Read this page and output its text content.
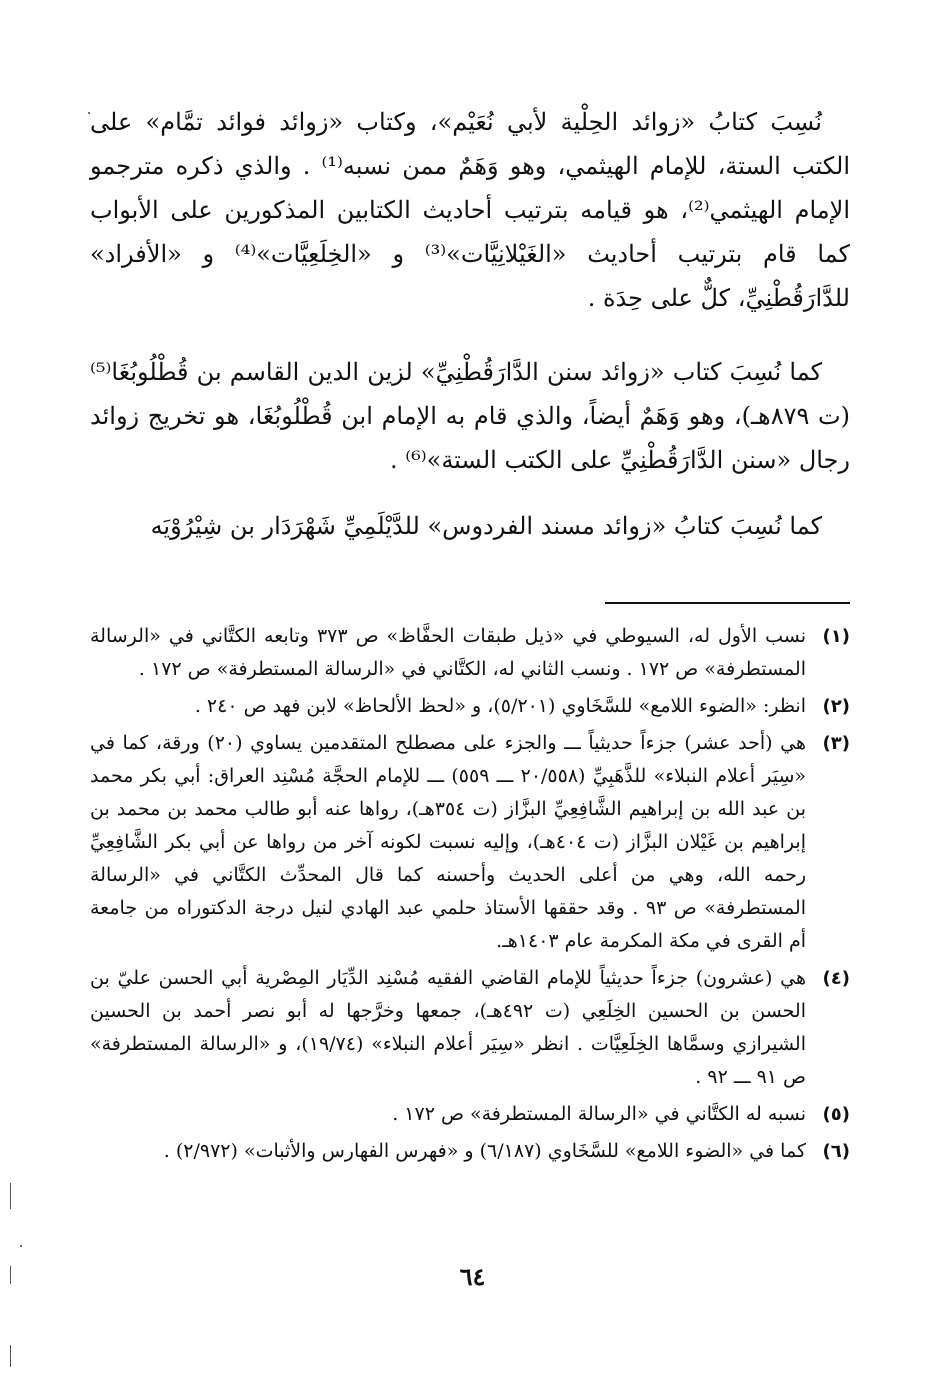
نُسِبَ كتابُ «زوائد الحِلْية لأبي نُعَيْم»، وكتاب «زوائد فوائد تمَّام» على الكتب الستة، للإمام الهيثمي، وهو وَهَمٌ ممن نسبه⁽¹⁾ . والذي ذكره مترجمو الإمام الهيثمي⁽²⁾، هو قيامه بترتيب أحاديث الكتابين المذكورين على الأبواب كما قام بترتيب أحاديث «الغَيْلانِيَّات»⁽³⁾ و «الخِلَعِيَّات»⁽⁴⁾ و «الأفراد» للدَّارَقُطْنِيِّ، كلٌّ على حِدَة .

كما نُسِبَ كتاب «زوائد سنن الدَّارَقُطْنِيِّ» لزين الدين القاسم بن قُطْلُوبُغَا⁽⁵⁾ (ت ٨٧٩هـ)، وهو وَهَمٌ أيضاً، والذي قام به الإمام ابن قُطْلُوبُغَا، هو تخريج زوائد رجال «سنن الدَّارَقُطْنِيِّ على الكتب الستة»⁽⁶⁾ .

كما نُسِبَ كتابُ «زوائد مسند الفردوس» للدَّيْلَمِيِّ شَهْرَدَار بن شِيْرُوْيَه

(١)
نسب الأول له، السيوطي في «ذيل طبقات الحفَّاظ» ص ٣٧٣ وتابعه الكتَّاني في «الرسالة المستطرفة» ص ١٧٢ . ونسب الثاني له، الكتَّاني في «الرسالة المستطرفة» ص ١٧٢ .
(٢)
انظر: «الضوء اللامع» للسَّخَاوي (٥/٢٠١)، و «لحظ الألحاظ» لابن فهد ص ٢٤٠ .
(٣)
هي (أحد عشر) جزءاً حديثياً ـــ والجزء على مصطلح المتقدمين يساوي (٢٠) ورقة، كما في «سِيَر أعلام النبلاء» للذَّهَبِيِّ (٢٠/٥٥٨ ـــ ٥٥٩) ـــ للإمام الحجَّة مُسْنِد العراق: أبي بكر محمد بن عبد الله بن إبراهيم الشَّافِعِيِّ البزَّاز (ت ٣٥٤هـ)، رواها عنه أبو طالب محمد بن محمد بن إبراهيم بن غَيْلان البزَّاز (ت ٤٠٤هـ)، وإليه نسبت لكونه آخر من رواها عن أبي بكر الشَّافِعِيِّ رحمه الله، وهي من أعلى الحديث وأحسنه كما قال المحدِّث الكتَّاني في «الرسالة المستطرفة» ص ٩٣ . وقد حققها الأستاذ حلمي عبد الهادي لنيل درجة الدكتوراه من جامعة أم القرى في مكة المكرمة عام ١٤٠٣هـ.
(٤)
هي (عشرون) جزءاً حديثياً للإمام القاضي الفقيه مُسْنِد الدِّيَار المِصْرية أبي الحسن عليّ بن الحسن بن الحسين الخِلَعِي (ت ٤٩٢هـ)، جمعها وخرَّجها له أبو نصر أحمد بن الحسين الشيرازي وسمَّاها الخِلَعِيَّات . انظر «سِيَر أعلام النبلاء» (١٩/٧٤)، و «الرسالة المستطرفة» ص ٩١ ـــ ٩٢ .
(٥)
نسبه له الكتَّاني في «الرسالة المستطرفة» ص ١٧٢ .
(٦)
كما في «الضوء اللامع» للسَّخَاوي (٦/١٨٧) و «فهرس الفهارس والأثبات» (٢/٩٧٢) .
٦٤
